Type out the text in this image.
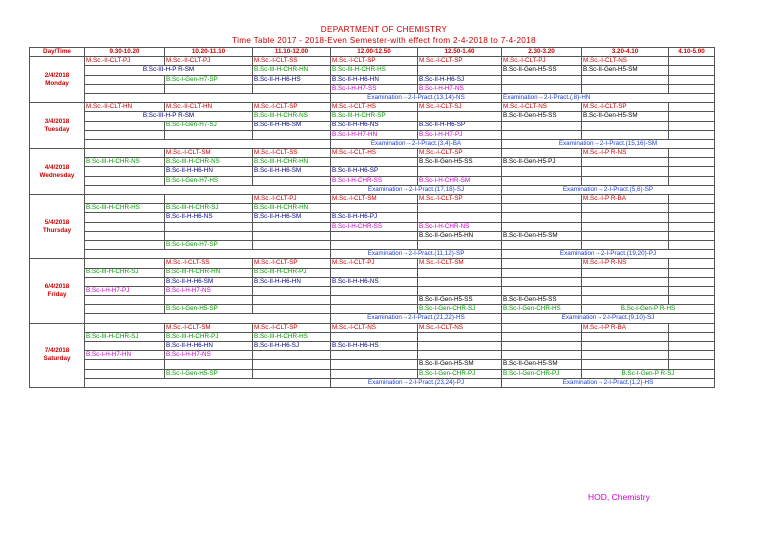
DEPARTMENT OF CHEMISTRY
Time Table 2017 - 2018-Even Semester-with effect from 2-4-2018 to 7-4-2018
Day/Time	9.30-10.20	10.20-11.10	11.10-12.00	12.00-12.50	12.50-1.40	2.30-3.20	3.20-4.10	4.10-5.00
2/4/2018
Monday	M.Sc.-II-CLT-PJ	M.Sc.-II-CLT-PJ	M.Sc.-I-CLT-SS	M.Sc.-I-CLT-SP	M.Sc.-I-CLT-SP	M.Sc.-I-CLT-PJ	M.Sc.-I-CLT-NS	
	B.Sc-III-H-P R-SM		B.Sc-III-H-CHR-HN	B.Sc-III-H-CHR-HS		B.Sc-II-Gen-H5-SS	B.Sc-II-Gen-H5-SM	
		B.Sc-I-Gen-H7-SP	B.Sc-II-H-H6-HS	B.Sc-II-H-H6-HN	B.Sc-II-H-H6-SJ			
				B.Sc-I-H-H7-SS	B.Sc-I-H-H7-NS			
				Examination→2-I-Pract.(13,14)-NS		Examination→2-I-Pract.(,8)-HN		
3/4/2018
Tuesday	M.Sc.-II-CLT-HN	M.Sc.-II-CLT-HN	M.Sc.-I-CLT-SP	M.Sc.-I-CLT-HS	M.Sc.-I-CLT-SJ	M.Sc.-I-CLT-NS	M.Sc.-I-CLT-SP	
	B.Sc-III-H-P R-SM		B.Sc-III-H-CHR-NS	B.Sc-III-H-CHR-SP		B.Sc-II-Gen-H5-SS	B.Sc-II-Gen-H5-SM	
		B.Sc-I-Gen-H7-SJ	B.Sc-II-H-H6-SM	B.Sc-II-H-H6-NS	B.Sc-II-H-H6-SP			
				B.Sc-I-H-H7-HN	B.Sc-I-H-H7-PJ			
				Examination→2-I-Pract.(3,4)-BA		Examination→2-I-Pract.(15,16)-SM		
4/4/2018
Wednesday		M.Sc.-I-CLT-SM	M.Sc.-I-CLT-SS	M.Sc.-I-CLT-HS	M.Sc.-I-CLT-SP		M.Sc.-I-P R-NS	
	B.Sc-III-H-CHR-NS	B.Sc-III-H-CHR-NS	B.Sc-III-H-CHR-HN		B.Sc-II-Gen-H5-SS	B.Sc-II-Gen-H5-PJ		
		B.Sc-II-H-H6-HN	B.Sc-II-H-H6-SM	B.Sc-II-H-H6-SP				
		B.Sc-I-Gen-H7-HS		B.Sc-I-H-CHR-SS	B.Sc-I-H-CHR-SM			
				Examination→2-I-Pract.(17,18)-SJ		Examination→2-I-Pract.(5,6)-SP		
5/4/2018
Thursday			M.Sc.-I-CLT-PJ	M.Sc.-I-CLT-SM	M.Sc.-I-CLT-SP		M.Sc.-I-P R-BA	
	B.Sc-III-H-CHR-HS	B.Sc-III-H-CHR-SJ	B.Sc-III-H-CHR-HN					
		B.Sc-II-H-H6-NS	B.Sc-II-H-H6-SM	B.Sc-II-H-H6-PJ				
				B.Sc-I-H-CHR-SS	B.Sc-I-H-CHR-NS			
					B.Sc-II-Gen-H5-HN	B.Sc-II-Gen-H5-SM		
		B.Sc-I-Gen-H7-SP						
				Examination→2-I-Pract.(11,12)-SP		Examination→2-I-Pract.(19,20)-PJ		
6/4/2018
Friday		M.Sc.-I-CLT-SS	M.Sc.-I-CLT-SP	M.Sc.-I-CLT-PJ	M.Sc.-I-CLT-SM		M.Sc.-I-P R-NS	
	B.Sc-III-H-CHR-SJ	B.Sc-III-H-CHR-HN	B.Sc-III-H-CHR-PJ					
		B.Sc-II-H-H6-SM	B.Sc-II-H-H6-HN	B.Sc-II-H-H6-NS				
	B.Sc-I-H-H7-PJ	B.Sc-I-H-H7-NS						
					B.Sc-II-Gen-H5-SS	B.Sc-II-Gen-H5-SS		
		B.Sc-I-Gen-H5-SP			B.Sc-I-Gen-CHR-SJ	B.Sc-I-Gen-CHR-HS	B.Sc-I-Gen-P R-HS	
				Examination→2-I-Pract.(21,22)-HS		Examination→2-I-Pract.(9,10)-SJ		
7/4/2018
Saturday		M.Sc.-I-CLT-SM	M.Sc.-I-CLT-SP	M.Sc.-I-CLT-NS	M.Sc.-I-CLT-NS		M.Sc.-I-P R-BA	
	B.Sc-III-H-CHR-SJ	B.Sc-III-H-CHR-PJ	B.Sc-III-H-CHR-HS					
		B.Sc-II-H-H6-HN	B.Sc-II-H-H6-SJ	B.Sc-II-H-H6-HS				
	B.Sc-I-H-H7-HN	B.Sc-I-H-H7-NS						
					B.Sc-II-Gen-H5-SM	B.Sc-II-Gen-H5-SM		
		B.Sc-I-Gen-H5-SP			B.Sc-I-Gen-CHR-PJ	B.Sc-I-Gen-CHR-PJ	B.Sc-I-Gen-P R-SJ	
				Examination→2-I-Pract.(23,24)-PJ		Examination→2-I-Pract.(1,2)-HS		
HOD, Chemistry
